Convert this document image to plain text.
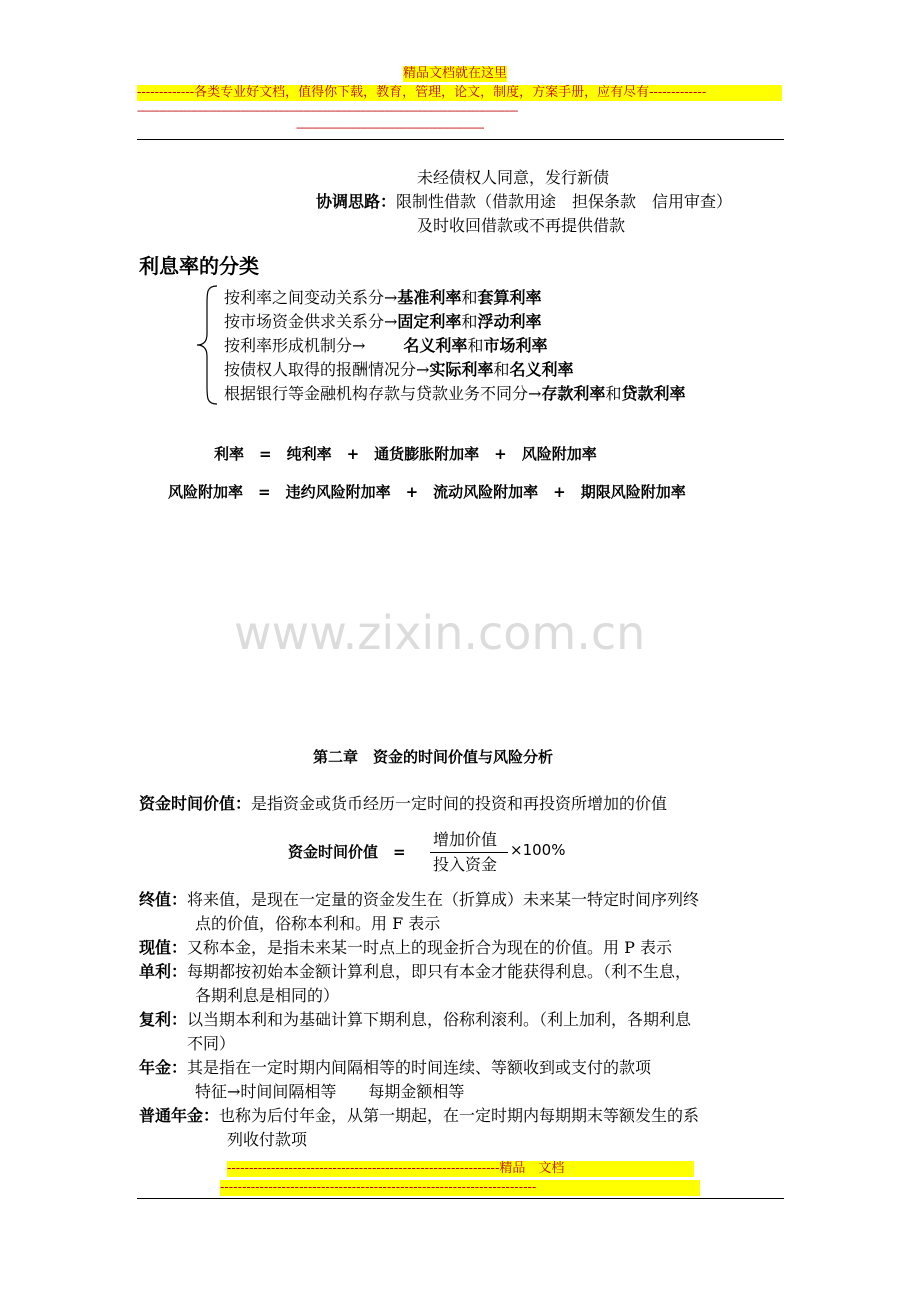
精品文档就在这里
-------------各类专业好文档，值得你下载，教育，管理，论文，制度，方案手册，应有尽有-------------
--------------------------------------------------------------------------------------------------------------------------------------------
---------------------------------------------------------------------
未经债权人同意，发行新债
协调思路：限制性借款（借款用途　担保条款　信用审查）
及时收回借款或不再提供借款
利息率的分类
按利率之间变动关系分→基准利率和套算利率
按市场资金供求关系分→固定利率和浮动利率
按利率形成机制分→ 名义利率和市场利率
按债权人取得的报酬情况分→实际利率和名义利率
根据银行等金融机构存款与贷款业务不同分→存款利率和贷款利率
利率　=　纯利率　+　通货膨胀附加率　+　风险附加率
风险附加率　=　违约风险附加率　+　流动风险附加率　+　期限风险附加率
www.zixin.com.cn
第二章　资金的时间价值与风险分析
资金时间价值：是指资金或货币经历一定时间的投资和再投资所增加的价值
资金时间价值　=
增加价值
投入资金
×100%
终值：将来值，是现在一定量的资金发生在（折算成）未来某一特定时间序列终
点的价值，俗称本利和。用 F 表示
现值：又称本金，是指未来某一时点上的现金折合为现在的价值。用 P 表示
单利：每期都按初始本金额计算利息，即只有本金才能获得利息。（利不生息，
各期利息是相同的）
复利：以当期本利和为基础计算下期利息，俗称利滚利。（利上加利，各期利息
不同）
年金：其是指在一定时期内间隔相等的时间连续、等额收到或支付的款项
特征→时间间隔相等　　每期金额相等
普通年金：也称为后付年金，从第一期起，在一定时期内每期期末等额发生的系
列收付款项
--------------------------------------------------------------精品　文档
------------------------------------------------------------------------
